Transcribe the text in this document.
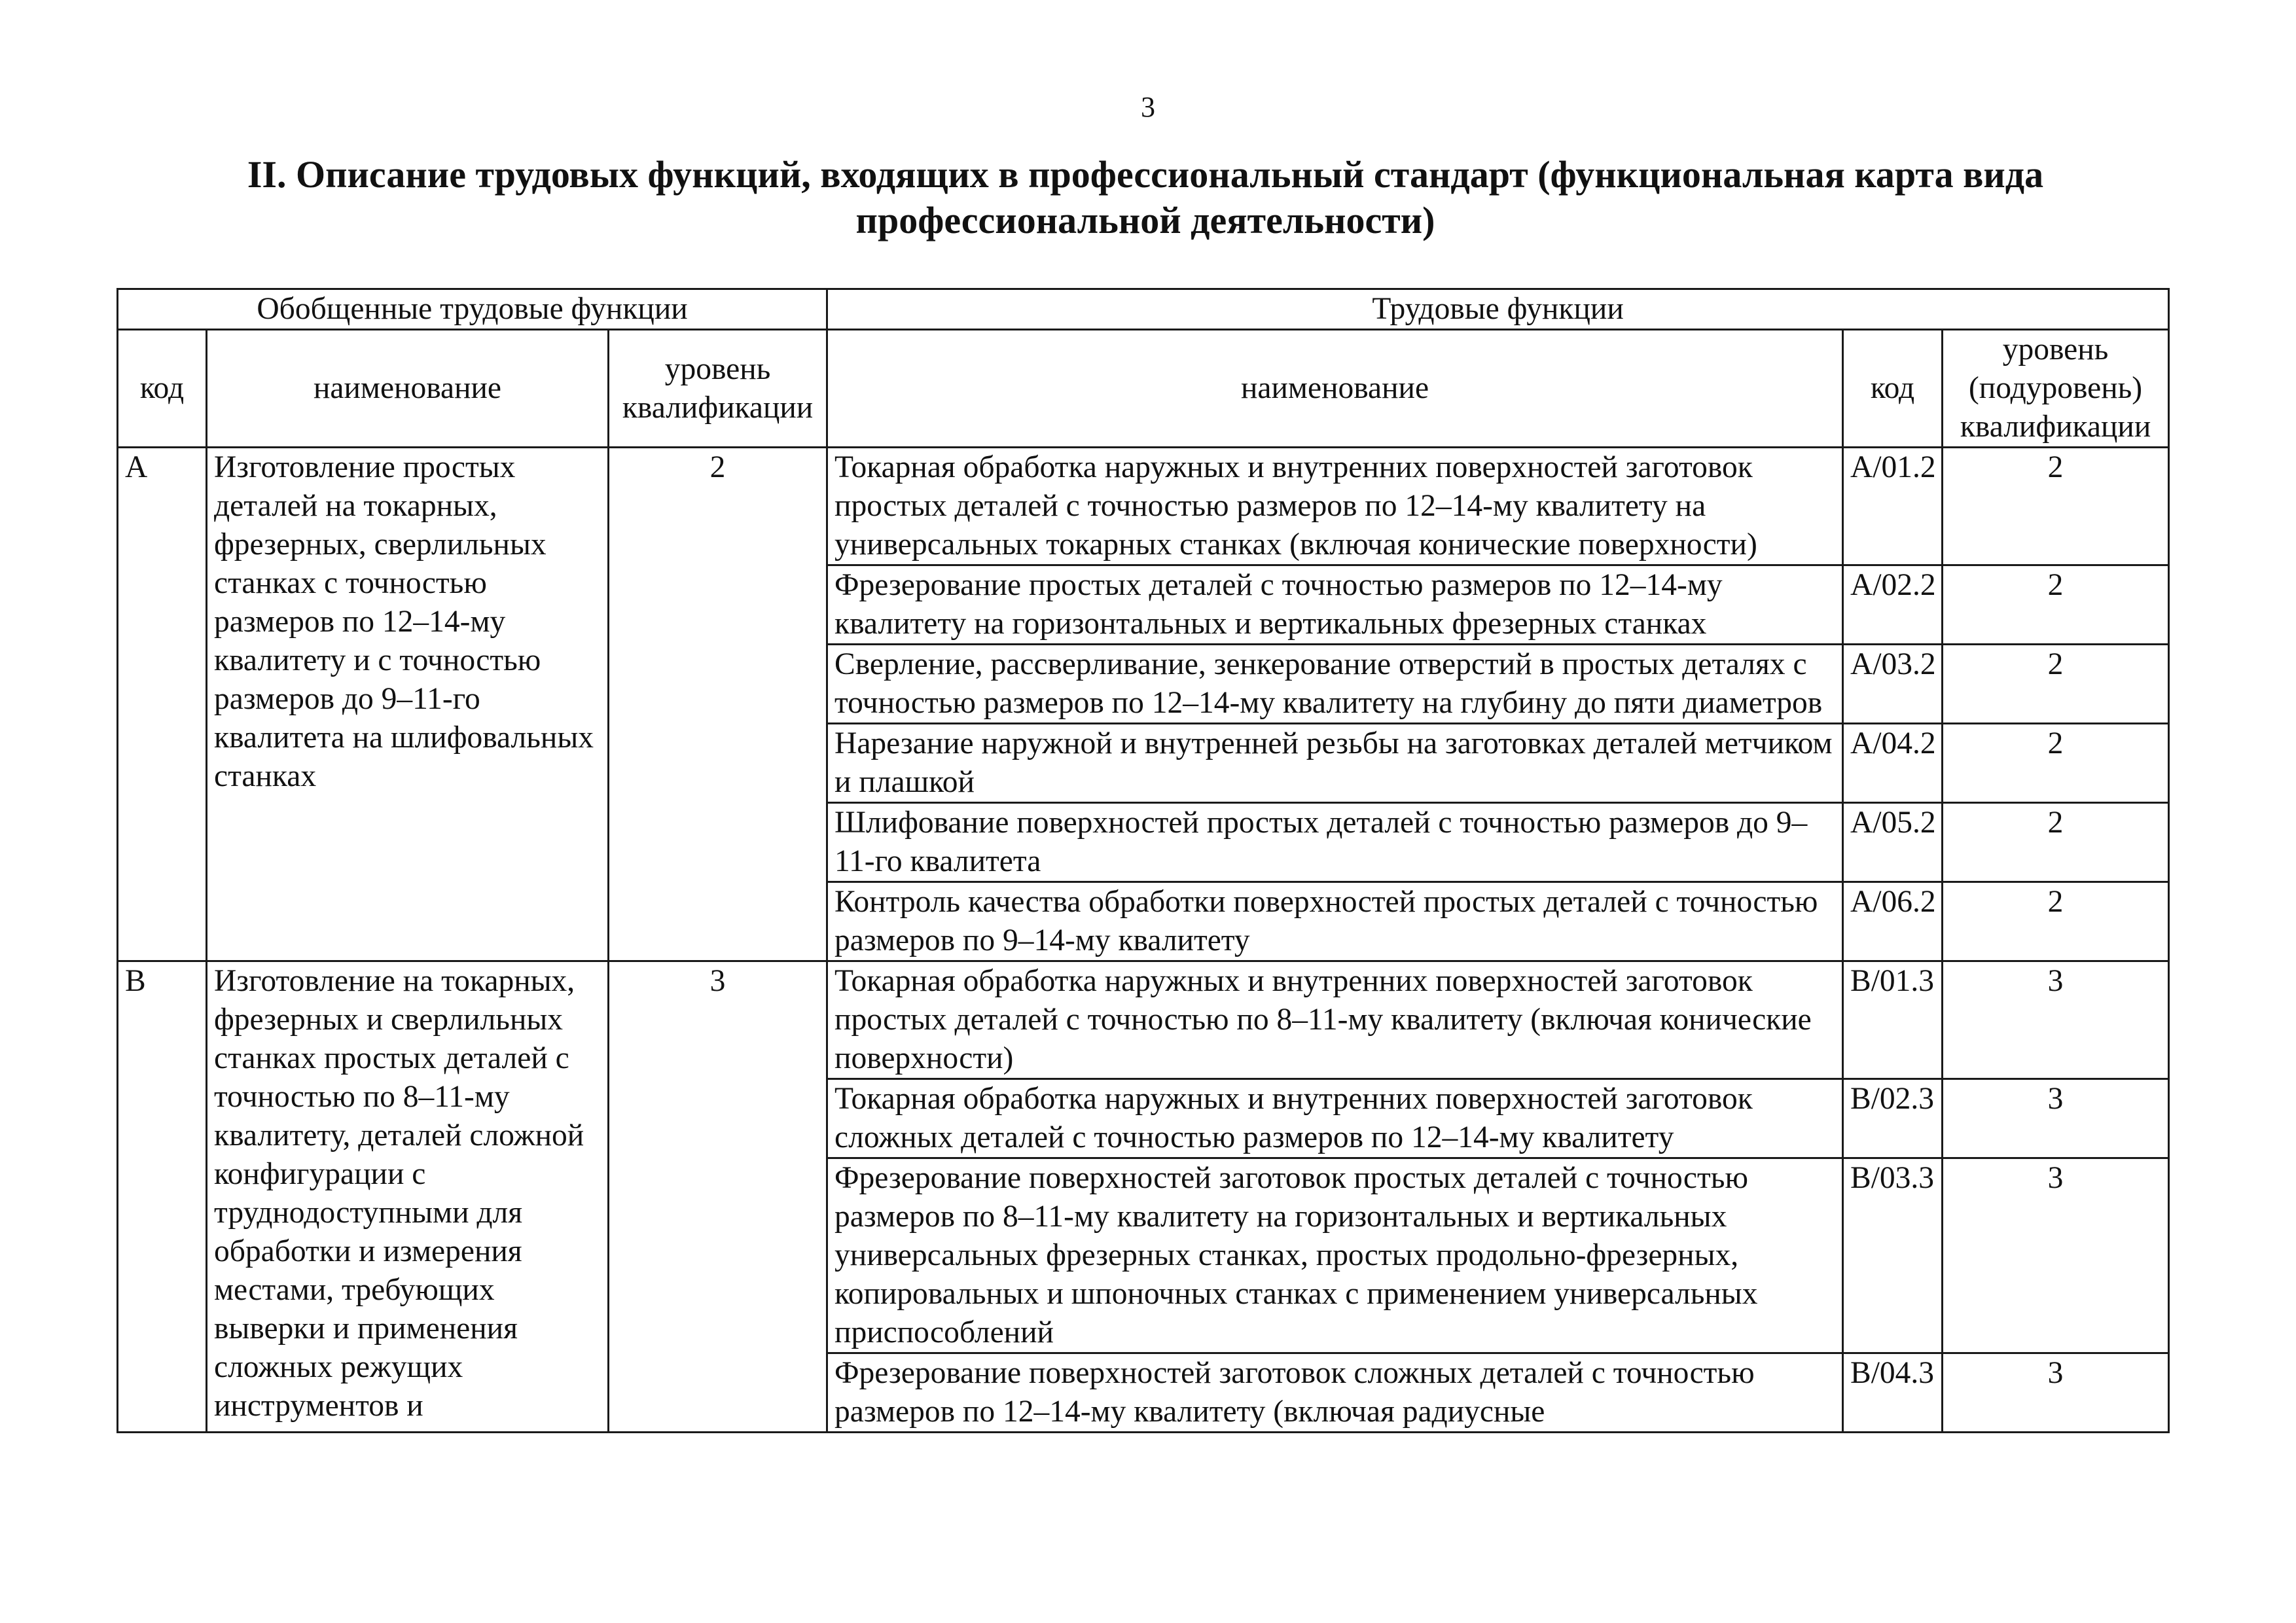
3
II. Описание трудовых функций, входящих в профессиональный стандарт (функциональная карта вида профессиональной деятельности)
Обобщенные трудовые функции			Трудовые функции		
код	наименование	уровень квалификации	наименование	код	уровень (подуровень) квалификации
A	Изготовление простых деталей на токарных, фрезерных, сверлильных станках с точностью размеров по 12–14-му квалитету и с точностью размеров до 9–11-го квалитета на шлифовальных станках	2	Токарная обработка наружных и внутренних поверхностей заготовок простых деталей с точностью размеров по 12–14-му квалитету на универсальных токарных станках (включая конические поверхности)	A/01.2	2
			Фрезерование простых деталей с точностью размеров по 12–14-му квалитету на горизонтальных и вертикальных фрезерных станках	A/02.2	2
			Сверление, рассверливание, зенкерование отверстий в простых деталях с точностью размеров по 12–14-му квалитету на глубину до пяти диаметров	A/03.2	2
			Нарезание наружной и внутренней резьбы на заготовках деталей метчиком и плашкой	A/04.2	2
			Шлифование поверхностей простых деталей с точностью размеров до 9–11-го квалитета	A/05.2	2
			Контроль качества обработки поверхностей простых деталей с точностью размеров по 9–14-му квалитету	A/06.2	2
B	Изготовление на токарных, фрезерных и сверлильных станках простых деталей с точностью по 8–11-му квалитету, деталей сложной конфигурации с труднодоступными для обработки и измерения местами, требующих выверки и применения сложных режущих инструментов и	3	Токарная обработка наружных и внутренних поверхностей заготовок простых деталей с точностью по 8–11-му квалитету (включая конические поверхности)	B/01.3	3
			Токарная обработка наружных и внутренних поверхностей заготовок сложных деталей с точностью размеров по 12–14-му квалитету	B/02.3	3
			Фрезерование поверхностей заготовок простых деталей с точностью размеров по 8–11-му квалитету на горизонтальных и вертикальных универсальных фрезерных станках, простых продольно-фрезерных, копировальных и шпоночных станках с применением универсальных приспособлений	B/03.3	3
			Фрезерование поверхностей заготовок сложных деталей с точностью размеров по 12–14-му квалитету (включая радиусные	B/04.3	3
